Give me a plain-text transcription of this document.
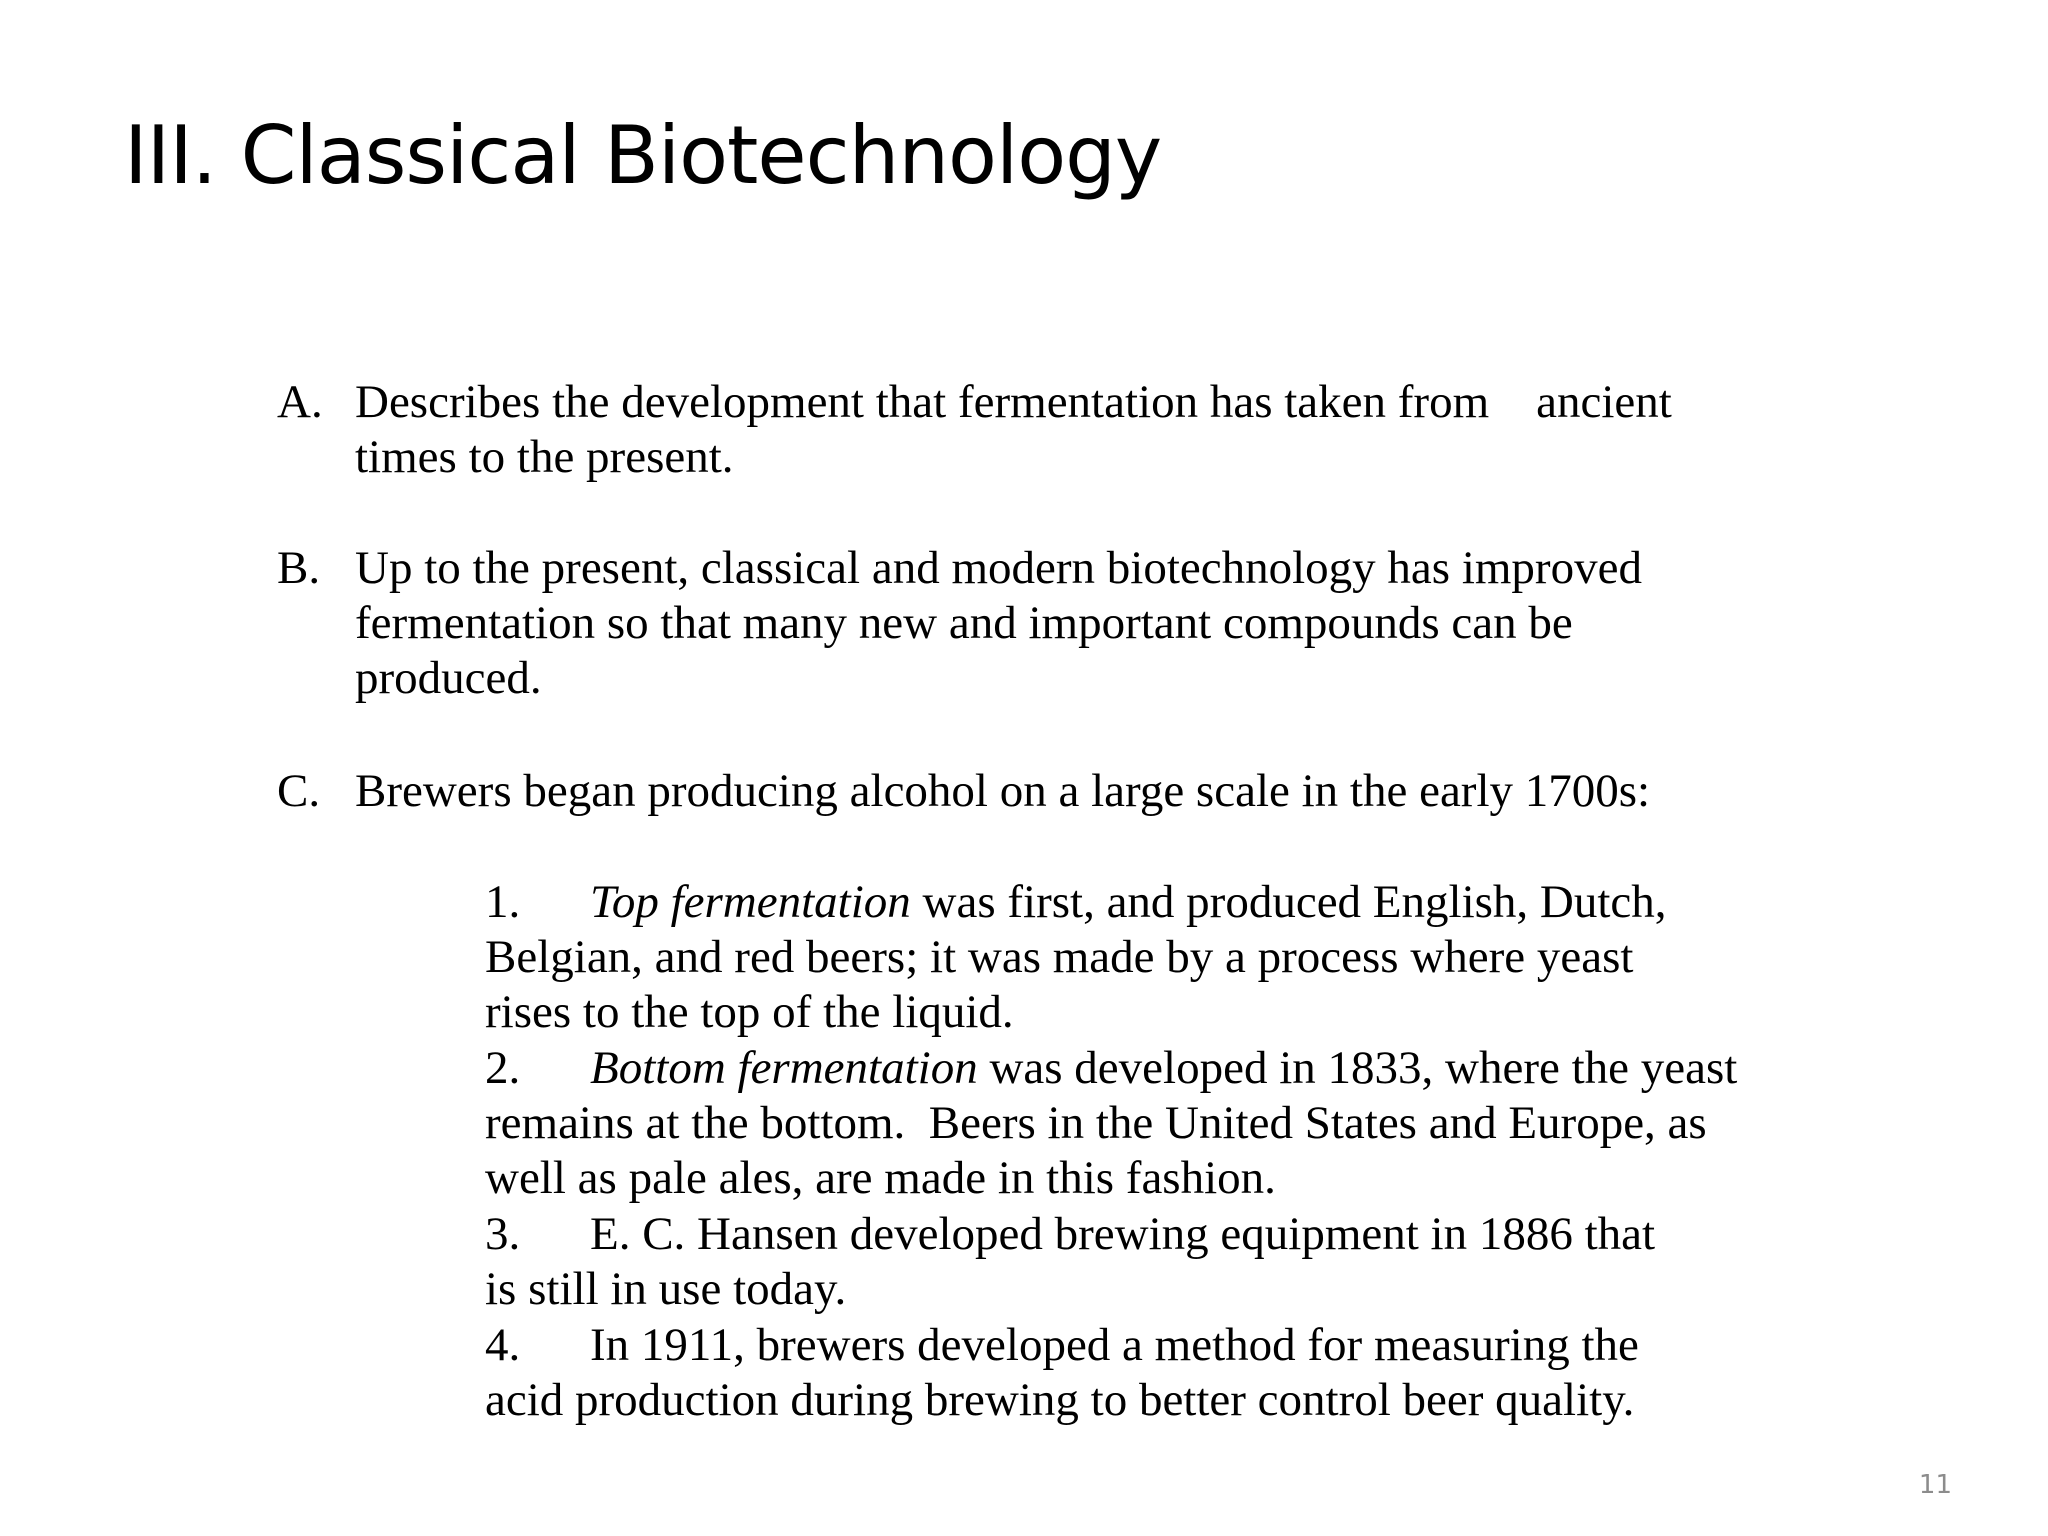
III. Classical Biotechnology
A. Describes the development that fermentation has taken from    ancient
times to the present.
B. Up to the present, classical and modern biotechnology has improved
fermentation so that many new and important compounds can be
produced.
C. Brewers began producing alcohol on a large scale in the early 1700s:
1. Top fermentation was first, and produced English, Dutch,
Belgian, and red beers; it was made by a process where yeast
rises to the top of the liquid.
2. Bottom fermentation was developed in 1833, where the yeast
remains at the bottom.  Beers in the United States and Europe, as
well as pale ales, are made in this fashion.
3. E. C. Hansen developed brewing equipment in 1886 that
is still in use today.
4. In 1911, brewers developed a method for measuring the
acid production during brewing to better control beer quality.
11
